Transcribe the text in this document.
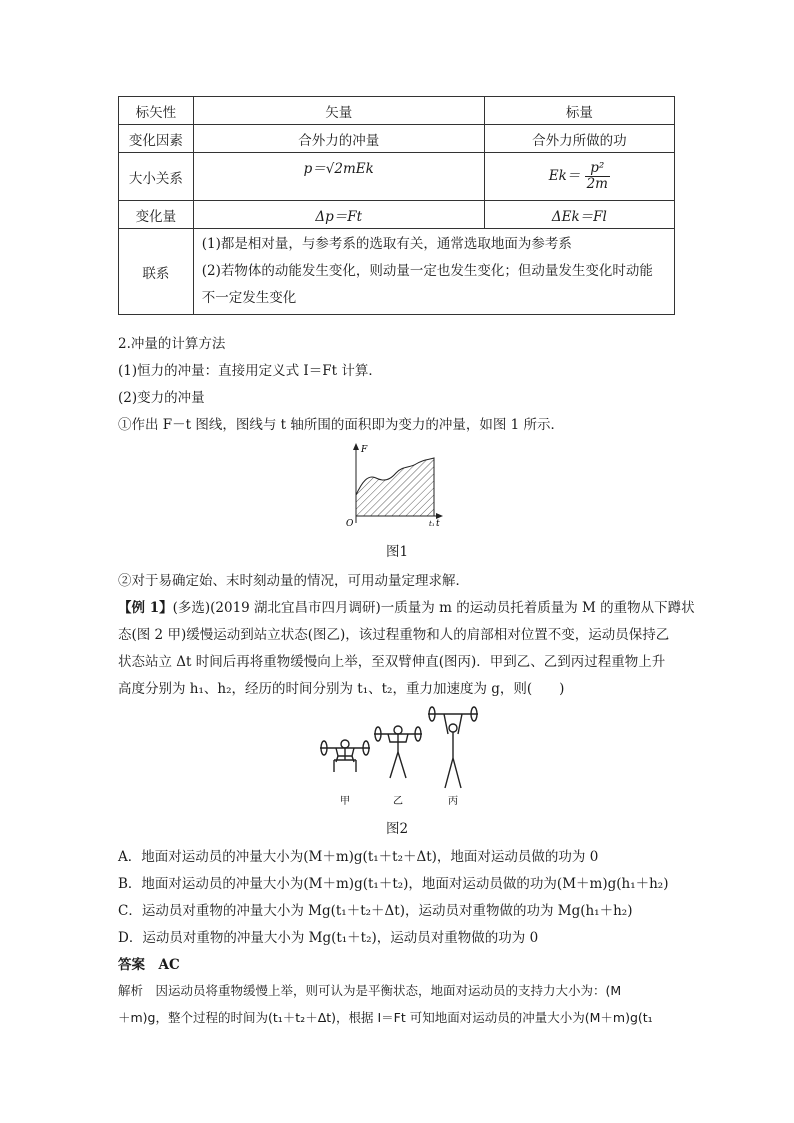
标矢性	矢量	标量
变化因素	合外力的冲量	合外力所做的功
大小关系	p＝√2mEk	$Ek= \frac{\text{p²}}{2m}$

变化量	Δp＝Ft	ΔEk＝Fl
联系	(1)都是相对量，与参考系的选取有关，通常选取地面为参考系
(2)若物体的动能发生变化，则动量一定也发生变化；但动量发生变化时动能
不一定发生变化	
2.冲量的计算方法
(1)恒力的冲量：直接用定义式 I＝Ft 计算．
(2)变力的冲量
①作出 F－t 图线，图线与 t 轴所围的面积即为变力的冲量，如图 1 所示．
F
O	t
t₁
图1
②对于易确定始、末时刻动量的情况，可用动量定理求解．
【例 1】(多选)(2019 湖北宜昌市四月调研)一质量为 m 的运动员托着质量为 M 的重物从下蹲状
态(图 2 甲)缓慢运动到站立状态(图乙)，该过程重物和人的肩部相对位置不变，运动员保持乙
状态站立 Δt 时间后再将重物缓慢向上举，至双臂伸直(图丙)．甲到乙、乙到丙过程重物上升
高度分别为 h₁、h₂，经历的时间分别为 t₁、t₂，重力加速度为 g，则(　　)
甲	乙	丙
图2
A．地面对运动员的冲量大小为(M＋m)g(t₁＋t₂＋Δt)，地面对运动员做的功为 0
B．地面对运动员的冲量大小为(M＋m)g(t₁＋t₂)，地面对运动员做的功为(M＋m)g(h₁＋h₂)
C．运动员对重物的冲量大小为 Mg(t₁＋t₂＋Δt)，运动员对重物做的功为 Mg(h₁＋h₂)
D．运动员对重物的冲量大小为 Mg(t₁＋t₂)，运动员对重物做的功为 0
答案　AC
解析　因运动员将重物缓慢上举，则可认为是平衡状态，地面对运动员的支持力大小为：(M
＋m)g，整个过程的时间为(t₁＋t₂＋Δt)，根据 I＝Ft 可知地面对运动员的冲量大小为(M＋m)g(t₁
